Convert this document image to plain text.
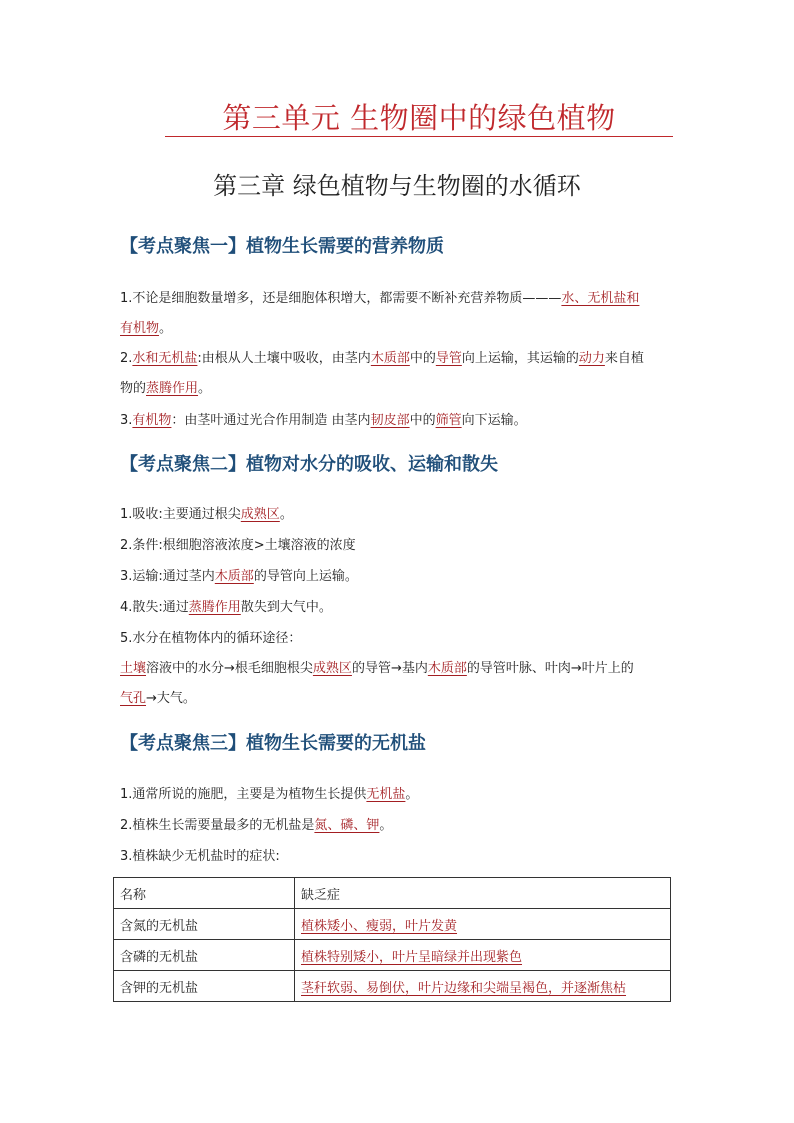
第三单元 生物圈中的绿色植物
第三章 绿色植物与生物圈的水循环
【考点聚焦一】植物生长需要的营养物质
1.不论是细胞数量增多，还是细胞体积增大，都需要不断补充营养物质———水、无机盐和
有机物。
2.水和无机盐:由根从人土壤中吸收，由茎内木质部中的导管向上运输，其运输的动力来自植
物的蒸腾作用。
3.有机物：由茎叶通过光合作用制造 由茎内韧皮部中的筛管向下运输。
【考点聚焦二】植物对水分的吸收、运输和散失
1.吸收:主要通过根尖成熟区。
2.条件:根细胞溶液浓度>土壤溶液的浓度
3.运输:通过茎内木质部的导管向上运输。
4.散失:通过蒸腾作用散失到大气中。
5.水分在植物体内的循环途径：
土壤溶液中的水分→根毛细胞根尖成熟区的导管→基内木质部的导管叶脉、叶肉→叶片上的
气孔→大气。
【考点聚焦三】植物生长需要的无机盐
1.通常所说的施肥，主要是为植物生长提供无机盐。
2.植株生长需要量最多的无机盐是氮、磷、钾。
3.植株缺少无机盐时的症状:
名称	缺乏症
含氮的无机盐	植株矮小、瘦弱，叶片发黄
含磷的无机盐	植株特别矮小，叶片呈暗绿并出现紫色
含钾的无机盐	茎秆软弱、易倒伏，叶片边缘和尖端呈褐色，并逐渐焦枯
